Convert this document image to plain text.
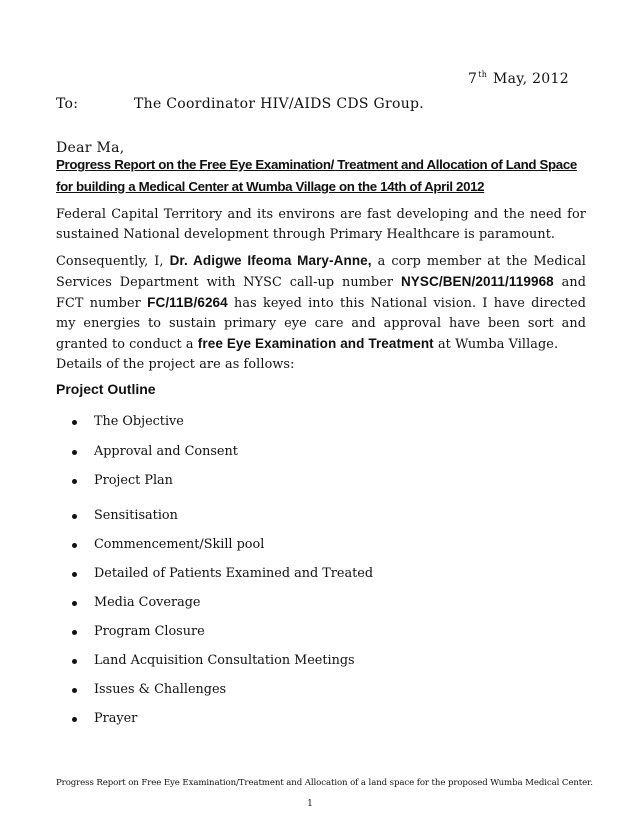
7th May, 2012
To:	The Coordinator HIV/AIDS CDS Group.
Dear Ma,
Progress Report on the Free Eye Examination/ Treatment and Allocation of Land Space for building a Medical Center at Wumba Village on the 14th of April 2012
Federal Capital Territory and its environs are fast developing and the need for sustained National development through Primary Healthcare is paramount.
Consequently, I, Dr. Adigwe Ifeoma Mary-Anne, a corp member at the Medical Services Department with NYSC call-up number NYSC/BEN/2011/119968 and FCT number FC/11B/6264 has keyed into this National vision. I have directed my energies to sustain primary eye care and approval have been sort and granted to conduct a free Eye Examination and Treatment at Wumba Village.
Details of the project are as follows:
Project Outline
The Objective
Approval and Consent
Project Plan
Sensitisation
Commencement/Skill pool
Detailed of Patients Examined and Treated
Media Coverage
Program Closure
Land Acquisition Consultation Meetings
Issues & Challenges
Prayer
Progress Report on Free Eye Examination/Treatment and Allocation of a land space for the proposed Wumba Medical Center.
1
